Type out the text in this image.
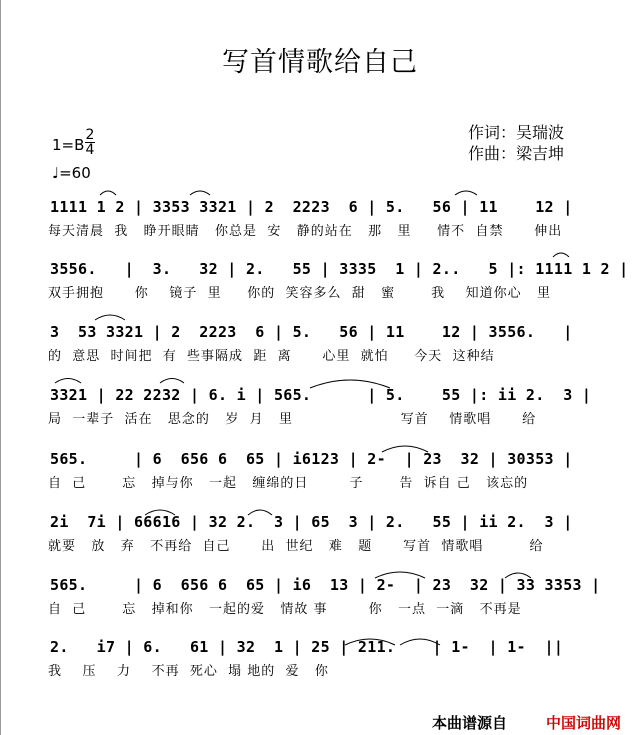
写首情歌给自己
1=B
2
4
♩=60
作词：吴瑞波
作曲：梁吉坤
1111 1 2 | 3353 3321 | 2  2223  6 | 5.   56 | 11    12 |
每天清晨  我   睁开眼睛   你总是  安   静的站在   那   里     情不  自禁      伸出
3556.   |  3.   32 | 2.   55 | 3335  1 | 2..   5 |: 1111 1 2 |
双手拥抱      你    镜子  里     你的  笑容多么  甜   蜜       我    知道你心   里
3  53 3321 | 2  2223  6 | 5.   56 | 11    12 | 3556.   |
的  意思  时间把  有  些事隔成  距  离      心里  就怕     今天  这种结
3321 | 22 2232 | 6. i | 565.      | 5.    55 |: ii 2.  3 |
局  一辈子  活在   思念的   岁  月   里                     写首    情歌唱      给
565.     | 6  656 6  65 | i6123 | 2-  | 23  32 | 30353 |
自  己       忘   掉与你   一起   缠绵的日        子       告  诉自 己   该忘的
2i  7i | 66616 | 32 2.  3 | 65  3 | 2.   55 | ii 2.  3 |
就要   放   弃   不再给  自己      出  世纪   难   题      写首  情歌唱         给
565.     | 6  656 6  65 | i6  13 | 2-  | 23  32 | 33 3353 |
自  己       忘   掉和你   一起的爱   情故 事        你   一点  一滴   不再是
2.   i7 | 6.   61 | 32  1 | 25 | 211.    | 1-  | 1-  ||
我    压    力    不再  死心  塌 地的  爱   你
本曲谱源自	中国词曲网
